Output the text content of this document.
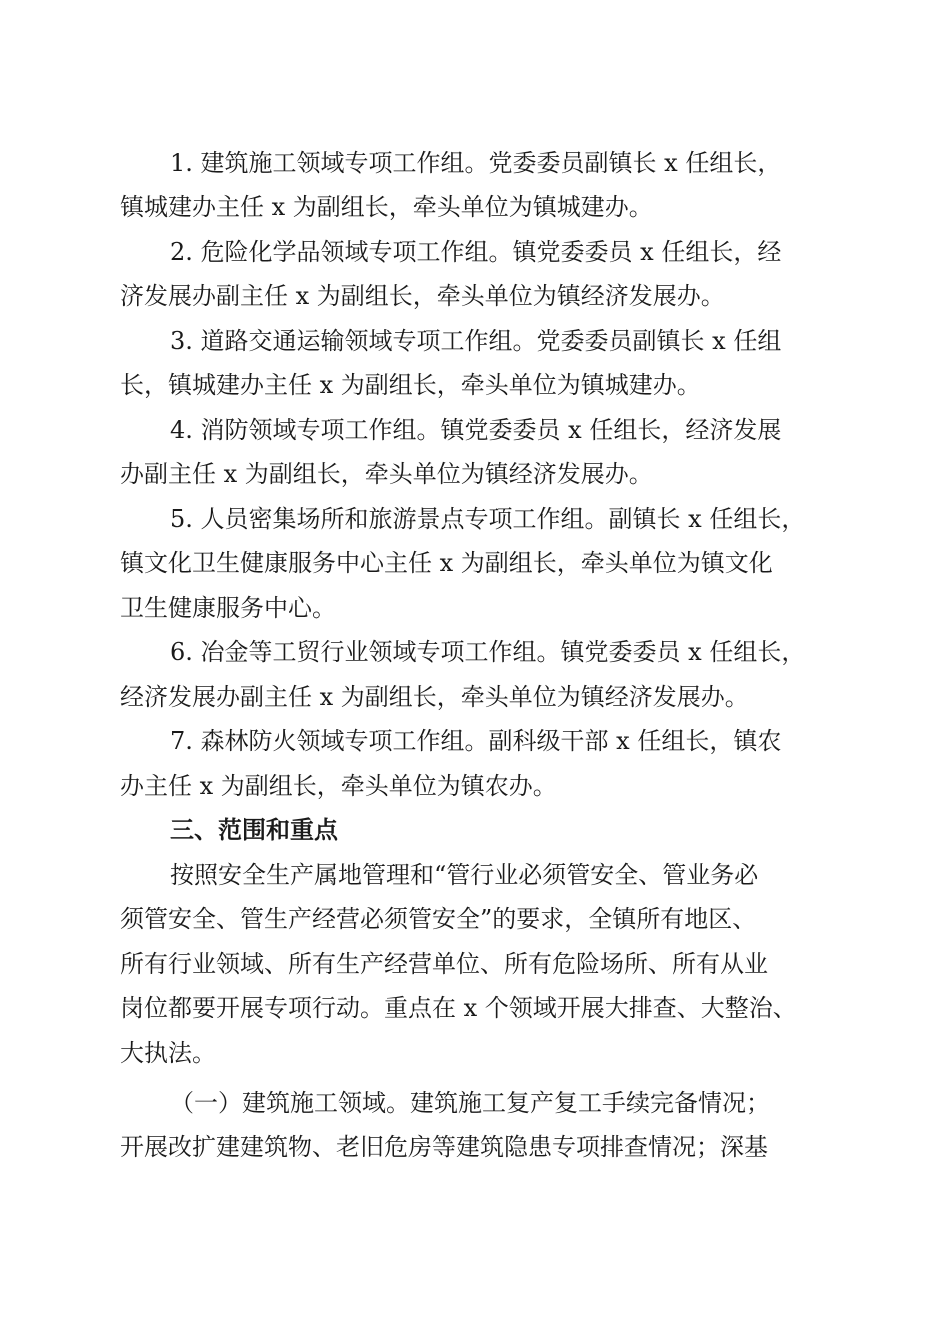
1. 建筑施工领域专项工作组。党委委员副镇长 x 任组长，
镇城建办主任 x 为副组长，牵头单位为镇城建办。
2. 危险化学品领域专项工作组。镇党委委员 x 任组长，经
济发展办副主任 x 为副组长，牵头单位为镇经济发展办。
3. 道路交通运输领域专项工作组。党委委员副镇长 x 任组
长，镇城建办主任 x 为副组长，牵头单位为镇城建办。
4. 消防领域专项工作组。镇党委委员 x 任组长，经济发展
办副主任 x 为副组长，牵头单位为镇经济发展办。
5. 人员密集场所和旅游景点专项工作组。副镇长 x 任组长，
镇文化卫生健康服务中心主任 x 为副组长，牵头单位为镇文化
卫生健康服务中心。
6. 冶金等工贸行业领域专项工作组。镇党委委员 x 任组长，
经济发展办副主任 x 为副组长，牵头单位为镇经济发展办。
7. 森林防火领域专项工作组。副科级干部 x 任组长，镇农
办主任 x 为副组长，牵头单位为镇农办。
三、范围和重点
按照安全生产属地管理和“管行业必须管安全、管业务必
须管安全、管生产经营必须管安全”的要求，全镇所有地区、
所有行业领域、所有生产经营单位、所有危险场所、所有从业
岗位都要开展专项行动。重点在 x 个领域开展大排查、大整治、
大执法。
（一）建筑施工领域。建筑施工复产复工手续完备情况；
开展改扩建建筑物、老旧危房等建筑隐患专项排查情况；深基
